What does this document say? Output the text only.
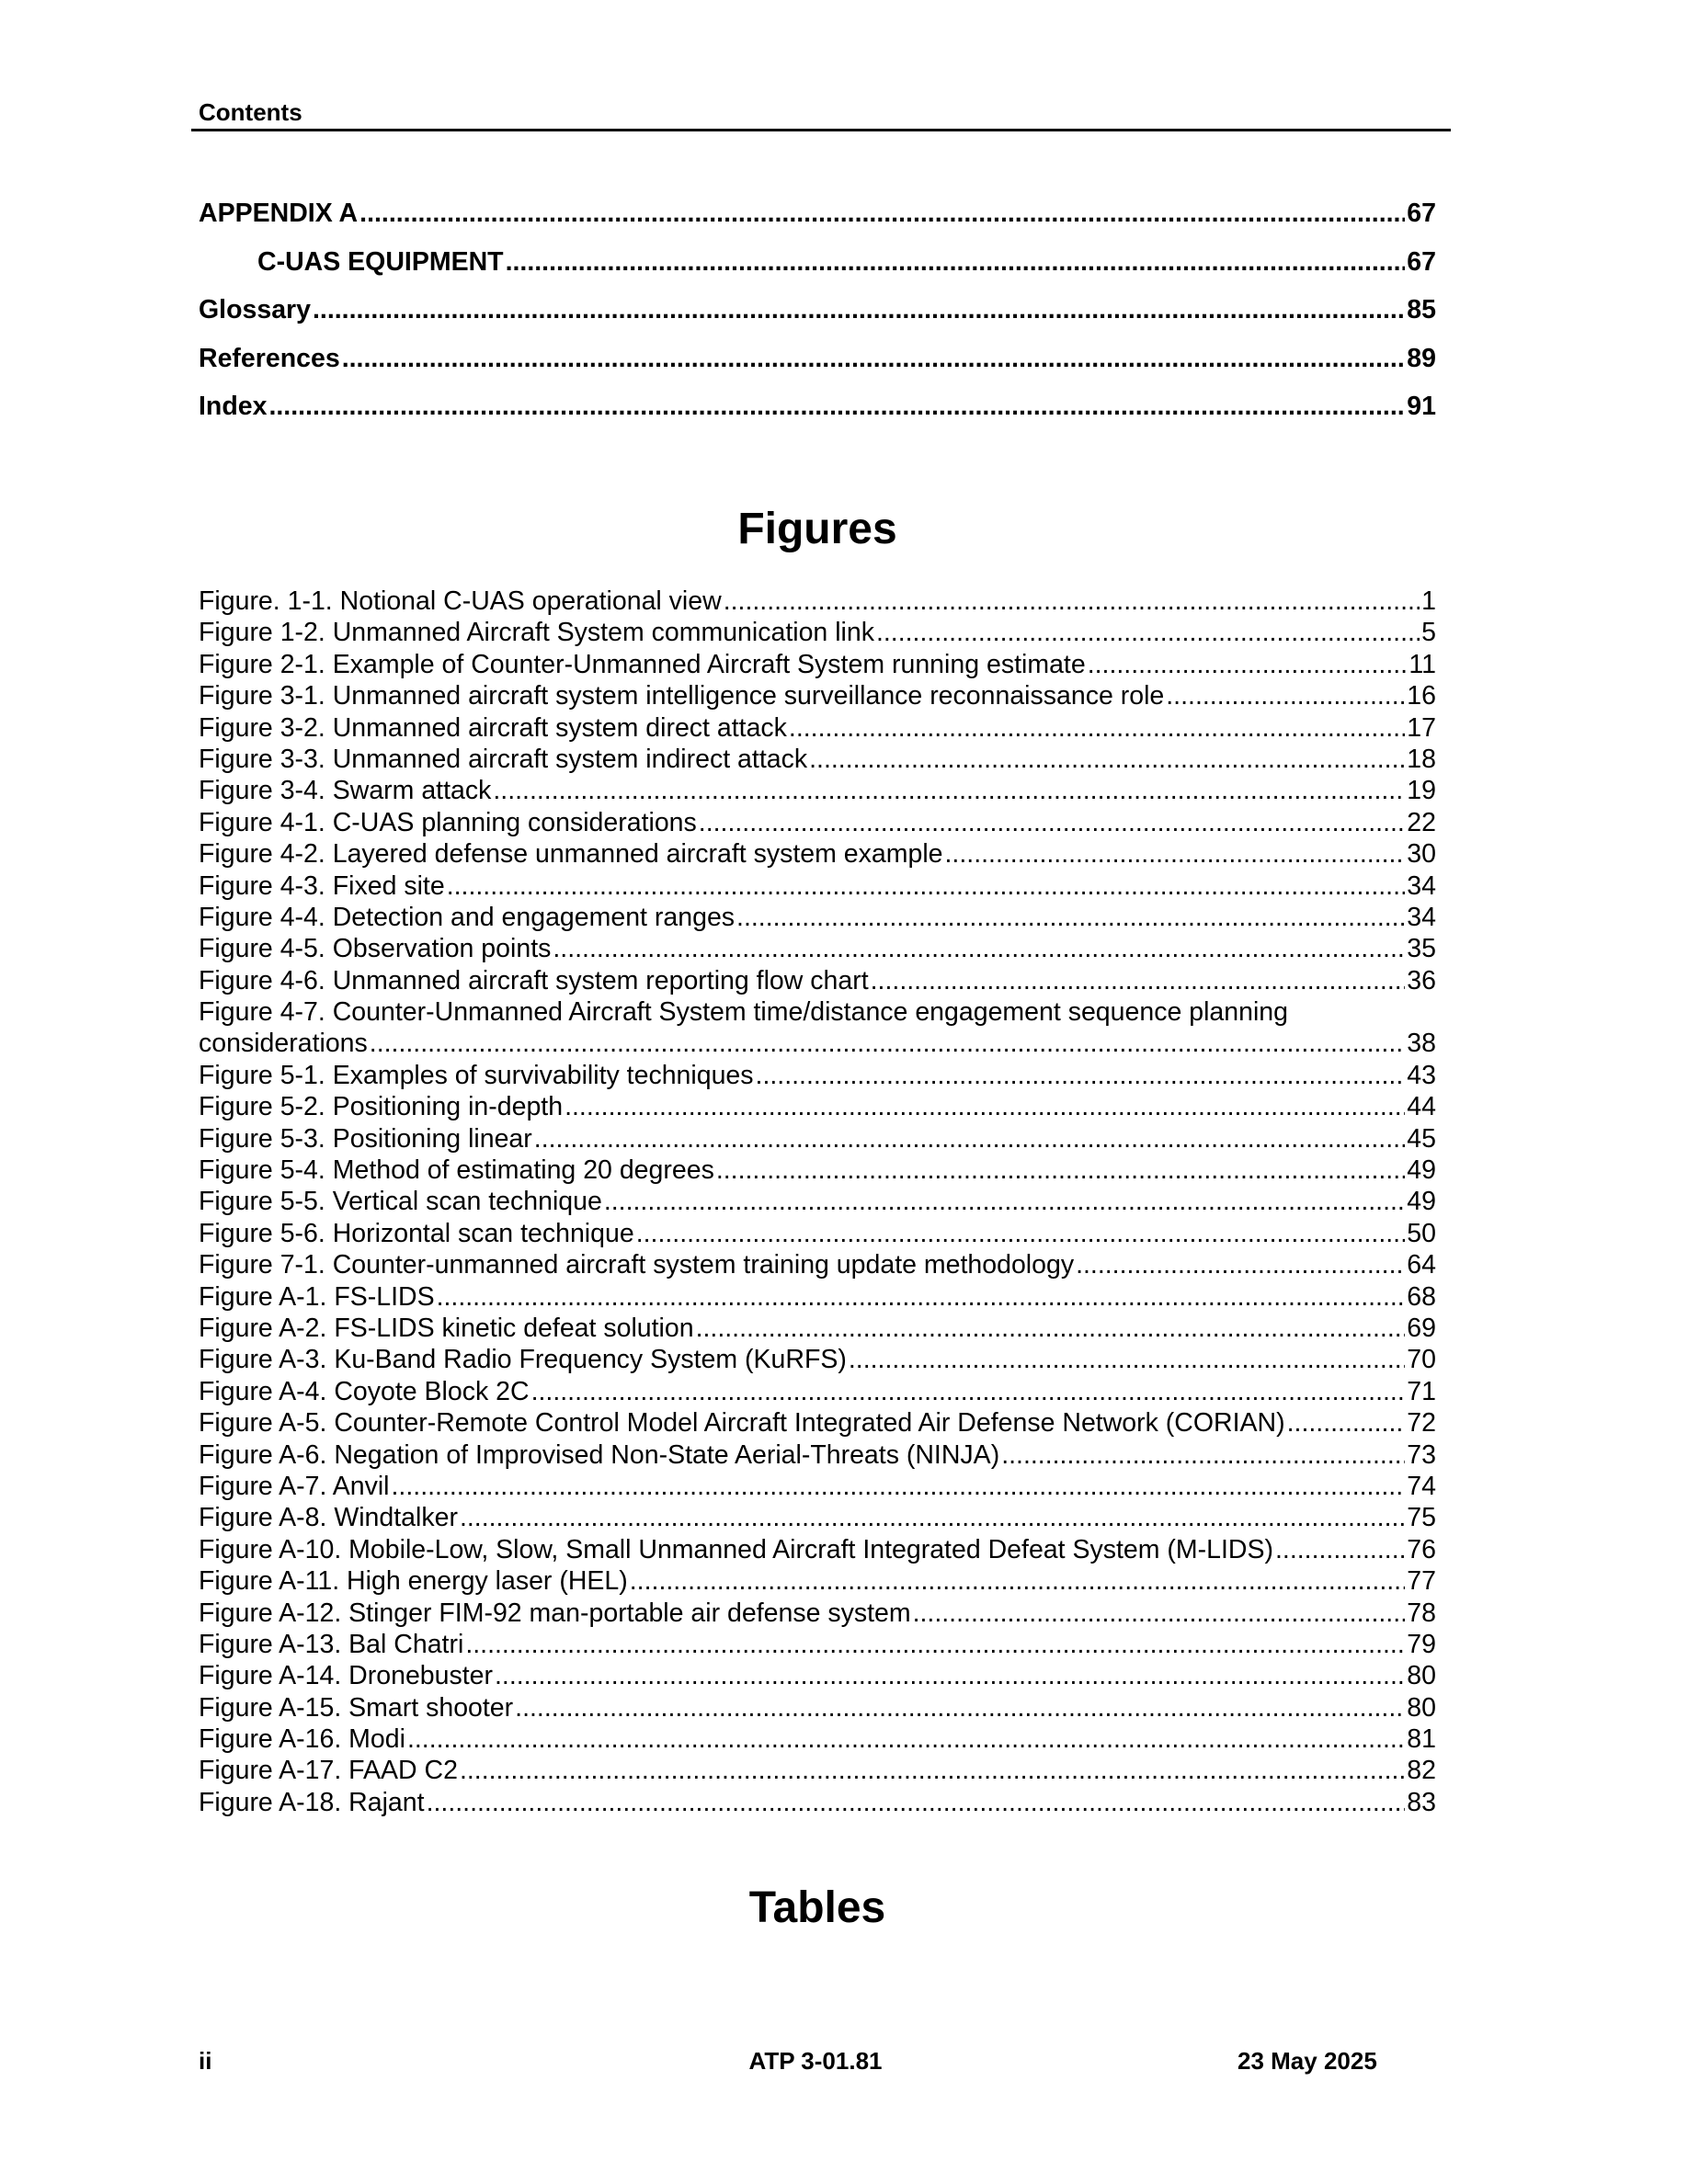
Contents
APPENDIX A .....	67
C-UAS EQUIPMENT .....	67
Glossary .....	85
References .....	89
Index .....	91
Figures
Figure. 1-1. Notional C-UAS operational view .....	1
Figure 1-2. Unmanned Aircraft System communication link .....	5
Figure 2-1. Example of Counter-Unmanned Aircraft System running estimate .....	11
Figure 3-1. Unmanned aircraft system intelligence surveillance reconnaissance role .....	16
Figure 3-2. Unmanned aircraft system direct attack .....	17
Figure 3-3. Unmanned aircraft system indirect attack .....	18
Figure 3-4. Swarm attack .....	19
Figure 4-1. C-UAS planning considerations .....	22
Figure 4-2. Layered defense unmanned aircraft system example .....	30
Figure 4-3. Fixed site .....	34
Figure 4-4. Detection and engagement ranges .....	34
Figure 4-5. Observation points .....	35
Figure 4-6. Unmanned aircraft system reporting flow chart .....	36
Figure 4-7. Counter-Unmanned Aircraft System time/distance engagement sequence planning
considerations .....	38
Figure 5-1. Examples of survivability techniques .....	43
Figure 5-2. Positioning in-depth .....	44
Figure 5-3. Positioning linear .....	45
Figure 5-4. Method of estimating 20 degrees .....	49
Figure 5-5. Vertical scan technique .....	49
Figure 5-6. Horizontal scan technique .....	50
Figure 7-1. Counter-unmanned aircraft system training update methodology .....	64
Figure A-1. FS-LIDS .....	68
Figure A-2. FS-LIDS kinetic defeat solution .....	69
Figure A-3. Ku-Band Radio Frequency System (KuRFS) .....	70
Figure A-4. Coyote Block 2C .....	71
Figure A-5. Counter-Remote Control Model Aircraft Integrated Air Defense Network (CORIAN) .....	72
Figure A-6. Negation of Improvised Non-State Aerial-Threats (NINJA) .....	73
Figure A-7. Anvil .....	74
Figure A-8. Windtalker .....	75
Figure A-10. Mobile-Low, Slow, Small Unmanned Aircraft Integrated Defeat System (M-LIDS) .....	76
Figure A-11. High energy laser (HEL) .....	77
Figure A-12. Stinger FIM-92 man-portable air defense system .....	78
Figure A-13. Bal Chatri .....	79
Figure A-14. Dronebuster .....	80
Figure A-15. Smart shooter .....	80
Figure A-16. Modi .....	81
Figure A-17. FAAD C2 .....	82
Figure A-18. Rajant .....	83
Tables
ii	ATP 3-01.81	23 May 2025
